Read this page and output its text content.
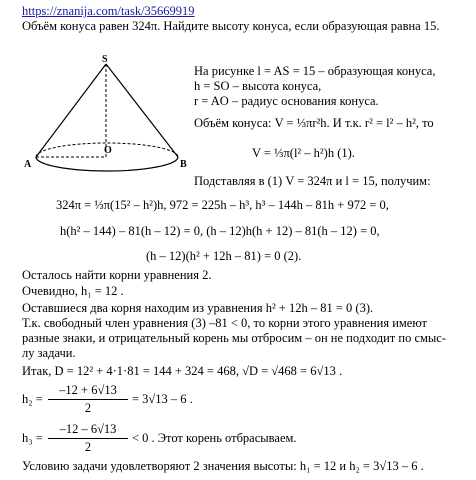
https://znanija.com/task/35669919
Объём конуса равен 324π. Найдите высоту конуса, если образующая равна 15.
S
A
O
B
На рисунке l = AS = 15 – образующая конуса,
h = SO – высота конуса,
r = AO – радиус основания конуса.
Объём конуса: V = ⅓πr²h. И т.к. r² = l² – h², то
V = ⅓π(l² – h²)h (1).
Подставляя в (1) V = 324π и l = 15, получим:
324π = ⅓π(15² – h²)h, 972 = 225h – h³, h³ – 144h – 81h + 972 = 0,
h(h² – 144) – 81(h – 12) = 0, (h – 12)h(h + 12) – 81(h – 12) = 0,
(h – 12)(h² + 12h – 81) = 0 (2).
Осталось найти корни уравнения 2.
Очевидно, h₁ = 12 .
Оставшиеся два корня находим из уравнения h² + 12h – 81 = 0 (3).
Т.к. свободный член уравнения (3) –81 < 0, то корни этого уравнения имеют
разные знаки, и отрицательный корень мы отбросим – он не подходит по смыс-
лу задачи.
Итак, D = 12² + 4·1·81 = 144 + 324 = 468, √D = √468 = 6√13 .
h₂ =
–12 + 6√13
2
= 3√13 – 6 .
h₃ =
–12 – 6√13
2
< 0 . Этот корень отбрасываем.
Условию задачи удовлетворяют 2 значения высоты: h₁ = 12 и h₂ = 3√13 – 6 .
